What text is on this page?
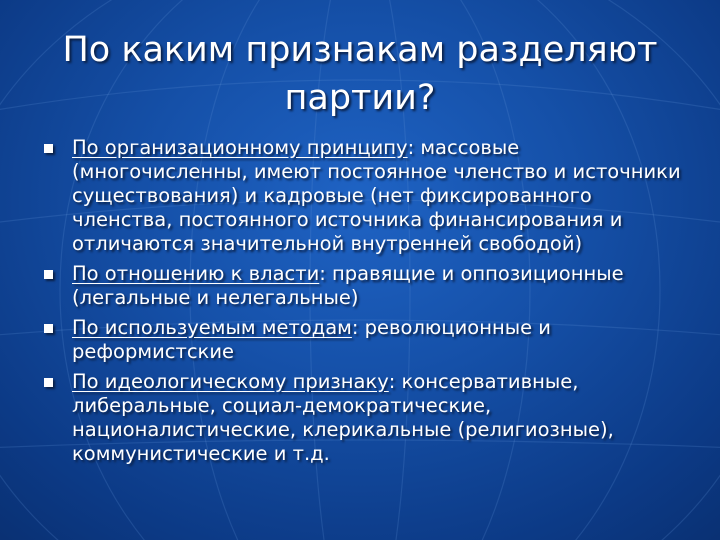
По каким признакам разделяют партии?
По организационному принципу: массовые (многочисленны, имеют постоянное членство и источники существования) и кадровые (нет фиксированного членства, постоянного источника финансирования и отличаются значительной внутренней свободой)
По отношению к власти: правящие и оппозиционные (легальные и нелегальные)
По используемым методам: революционные и реформистские
По идеологическому признаку: консервативные, либеральные, социал-демократические, националистические, клерикальные (религиозные), коммунистические и т.д.
